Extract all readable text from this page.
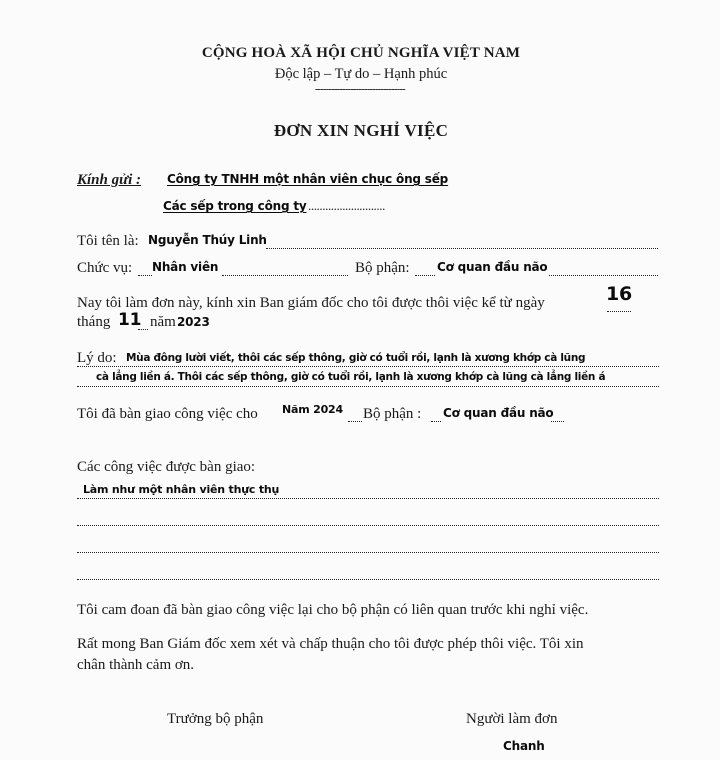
CỘNG HOÀ XÃ HỘI CHỦ NGHĨA VIỆT NAM
Độc lập – Tự do – Hạnh phúc
---------------------------------
ĐƠN XIN NGHỈ VIỆC
Kính gửi : Công ty TNHH một nhân viên chục ông sếp
Các sếp trong công ty ...........................
Tôi tên là: Nguyễn Thúy Linh
Chức vụ: Nhân viên	Bộ phận: Cơ quan đầu não
Nay tôi làm đơn này, kính xin Ban giám đốc cho tôi được thôi việc kể từ ngày	16
tháng 11 năm 2023
Lý do: Mùa đông lười viết, thôi các sếp thông, giờ có tuổi rồi, lạnh là xương khớp cà lũng
cà lẳng liền á. Thôi các sếp thông, giờ có tuổi rồi, lạnh là xương khớp cà lũng cà lẳng liền á
Tôi đã bàn giao công việc cho Năm 2024 Bộ phận : Cơ quan đầu não
Các công việc được bàn giao:
Làm như một nhân viên thực thụ
Tôi cam đoan đã bàn giao công việc lại cho bộ phận có liên quan trước khi nghỉ việc.
Rất mong Ban Giám đốc xem xét và chấp thuận cho tôi được phép thôi việc. Tôi xin
chân thành cảm ơn.
Trưởng bộ phận	Người làm đơn
Chanh
